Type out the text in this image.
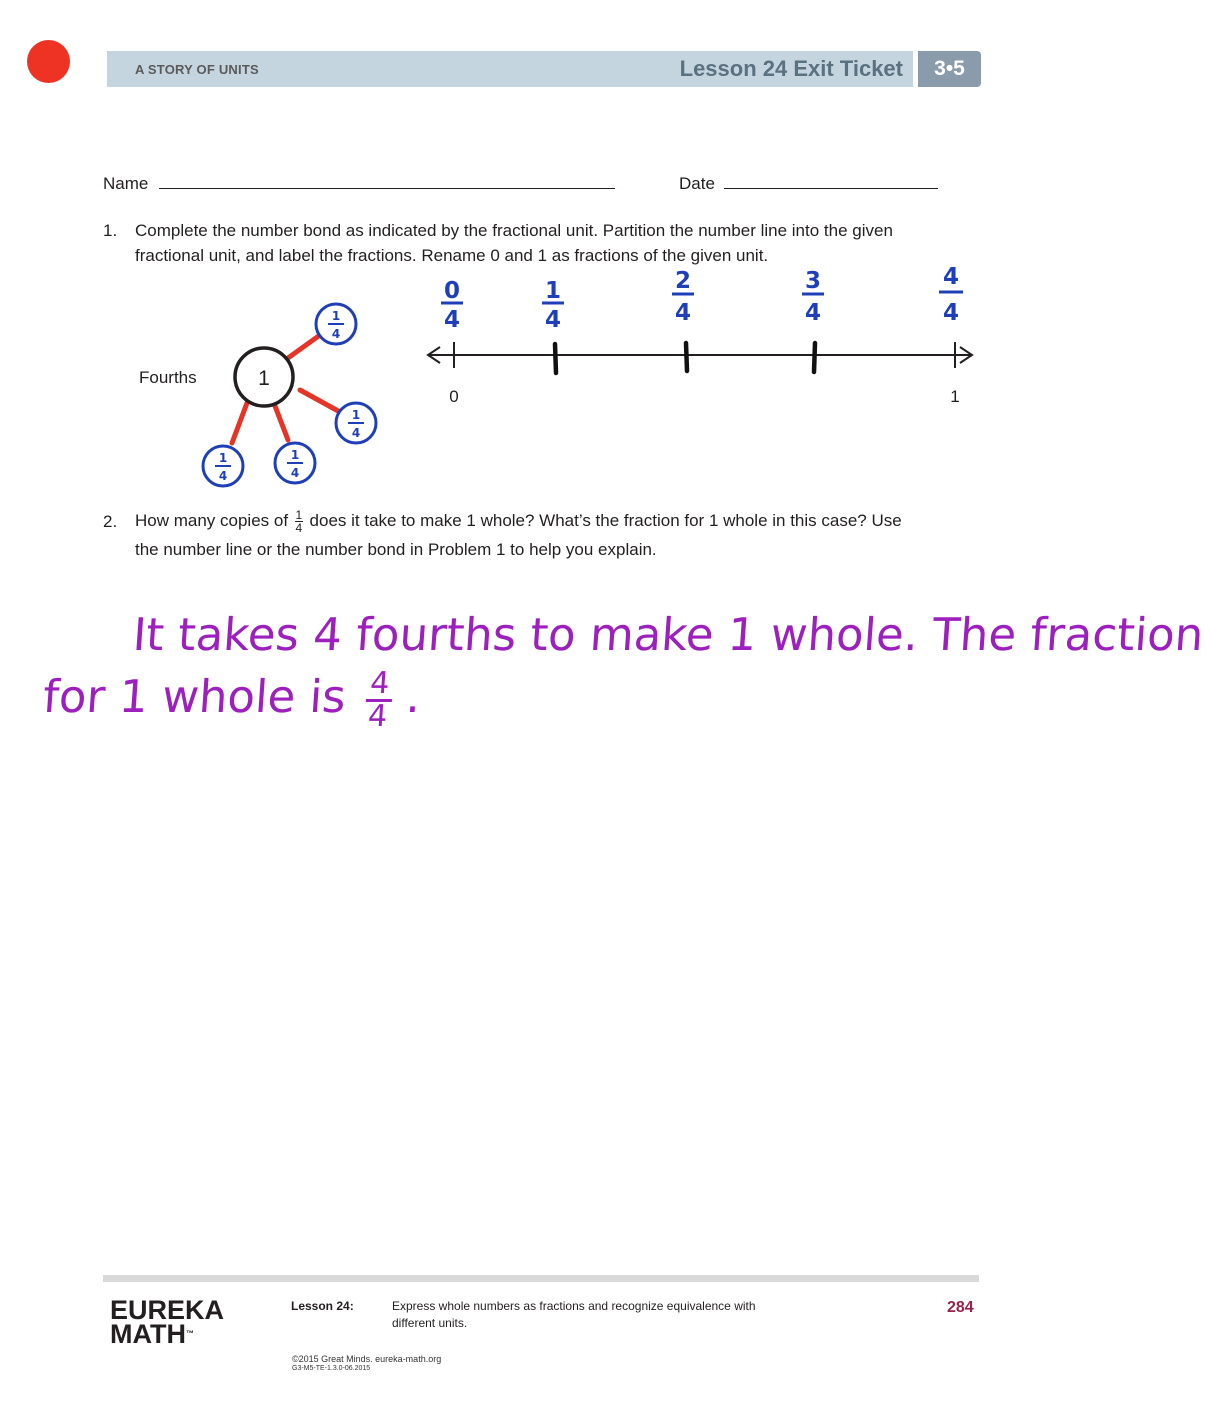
A STORY OF UNITS	Lesson 24 Exit Ticket	3•5
Name	Date
1. Complete the number bond as indicated by the fractional unit. Partition the number line into the given
fractional unit, and label the fractions. Rename 0 and 1 as fractions of the given unit.
Fourths	1
1
4
1
4
1
4
1
4
0	1
0
4
1
4
2
4
3
4
4
4
2. How many copies of $\frac{1}{4}$ does it take to make 1 whole? What’s the fraction for 1 whole in this case? Use
the number line or the number bond in Problem 1 to help you explain.
It takes 4 fourths to make 1 whole. The fraction
for 1 whole is $\frac{4}{4}$ .
EUREKA
MATH™
Lesson 24:	Express whole numbers as fractions and recognize equivalence with
different units.
284
©2015 Great Minds. eureka-math.org
G3-M5-TE-1.3.0-06.2015
